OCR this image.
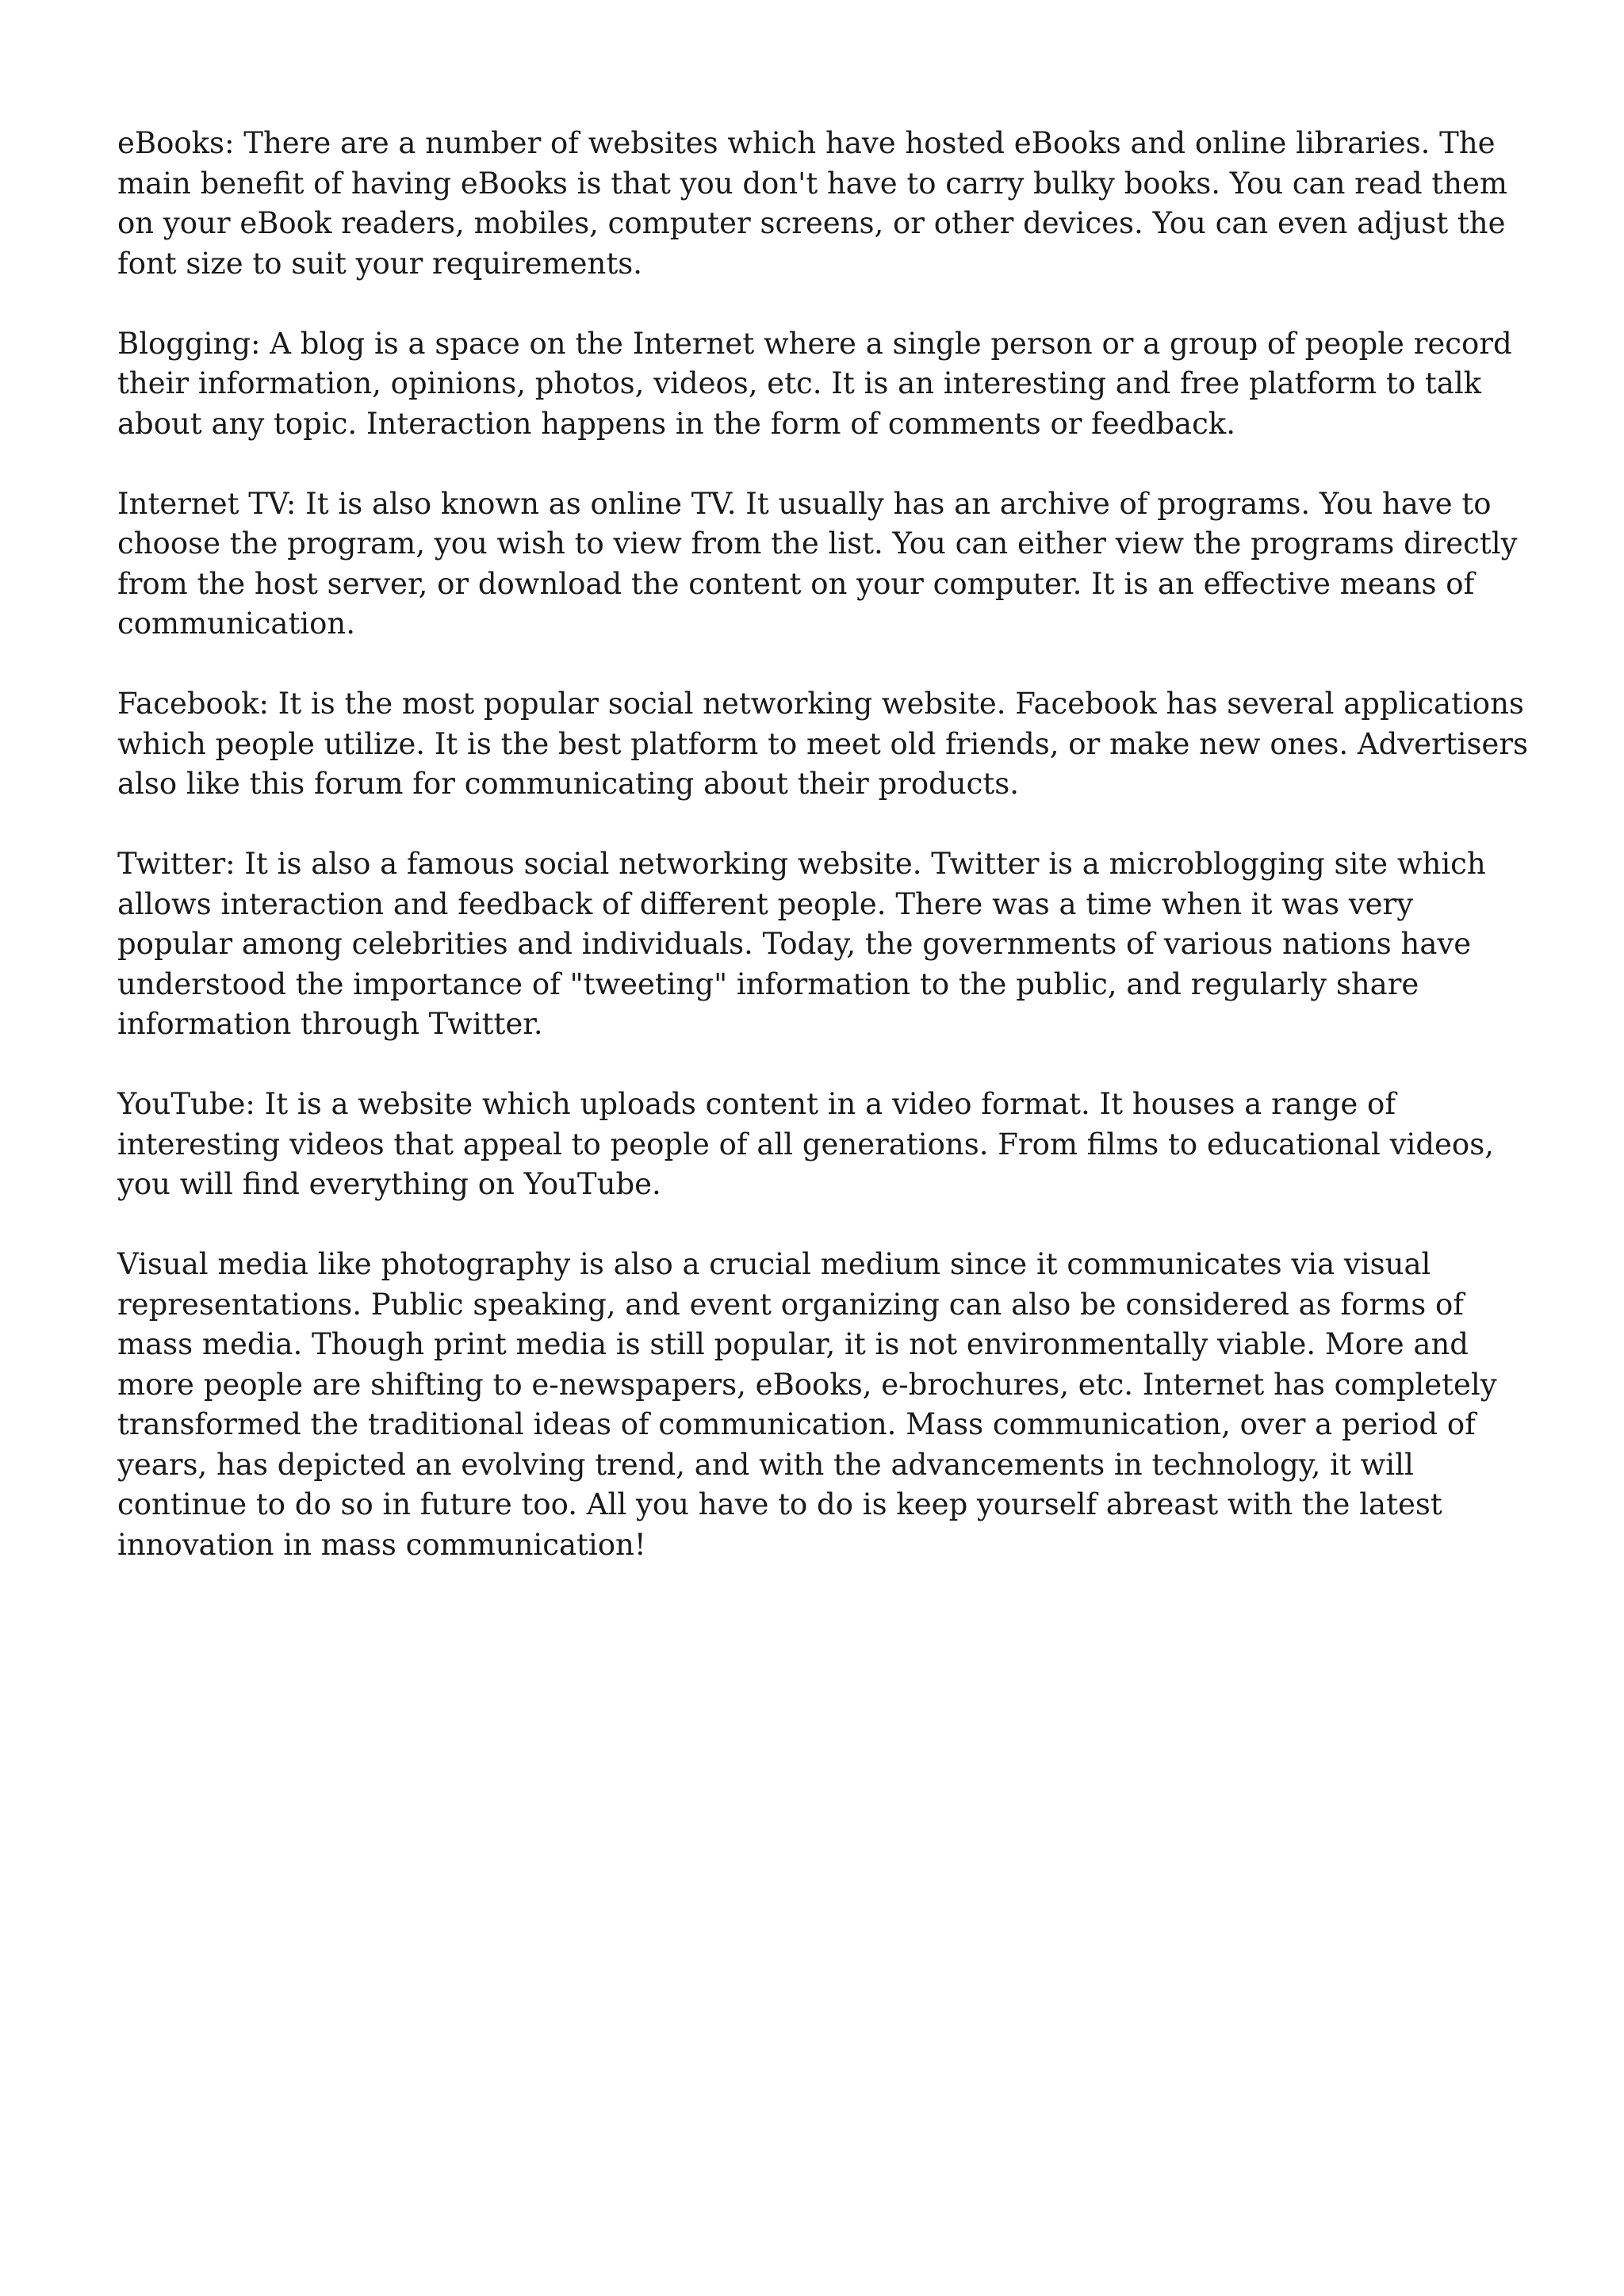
eBooks: There are a number of websites which have hosted eBooks and online libraries. The main benefit of having eBooks is that you don't have to carry bulky books. You can read them on your eBook readers, mobiles, computer screens, or other devices. You can even adjust the font size to suit your requirements.

Blogging: A blog is a space on the Internet where a single person or a group of people record their information, opinions, photos, videos, etc. It is an interesting and free platform to talk about any topic. Interaction happens in the form of comments or feedback.

Internet TV: It is also known as online TV. It usually has an archive of programs. You have to choose the program, you wish to view from the list. You can either view the programs directly from the host server, or download the content on your computer. It is an effective means of communication.

Facebook: It is the most popular social networking website. Facebook has several applications which people utilize. It is the best platform to meet old friends, or make new ones. Advertisers also like this forum for communicating about their products.

Twitter: It is also a famous social networking website. Twitter is a microblogging site which allows interaction and feedback of different people. There was a time when it was very popular among celebrities and individuals. Today, the governments of various nations have understood the importance of "tweeting" information to the public, and regularly share information through Twitter.

YouTube: It is a website which uploads content in a video format. It houses a range of interesting videos that appeal to people of all generations. From films to educational videos, you will find everything on YouTube.

Visual media like photography is also a crucial medium since it communicates via visual representations. Public speaking, and event organizing can also be considered as forms of mass media. Though print media is still popular, it is not environmentally viable. More and more people are shifting to e-newspapers, eBooks, e-brochures, etc. Internet has completely transformed the traditional ideas of communication. Mass communication, over a period of years, has depicted an evolving trend, and with the advancements in technology, it will continue to do so in future too. All you have to do is keep yourself abreast with the latest innovation in mass communication!
